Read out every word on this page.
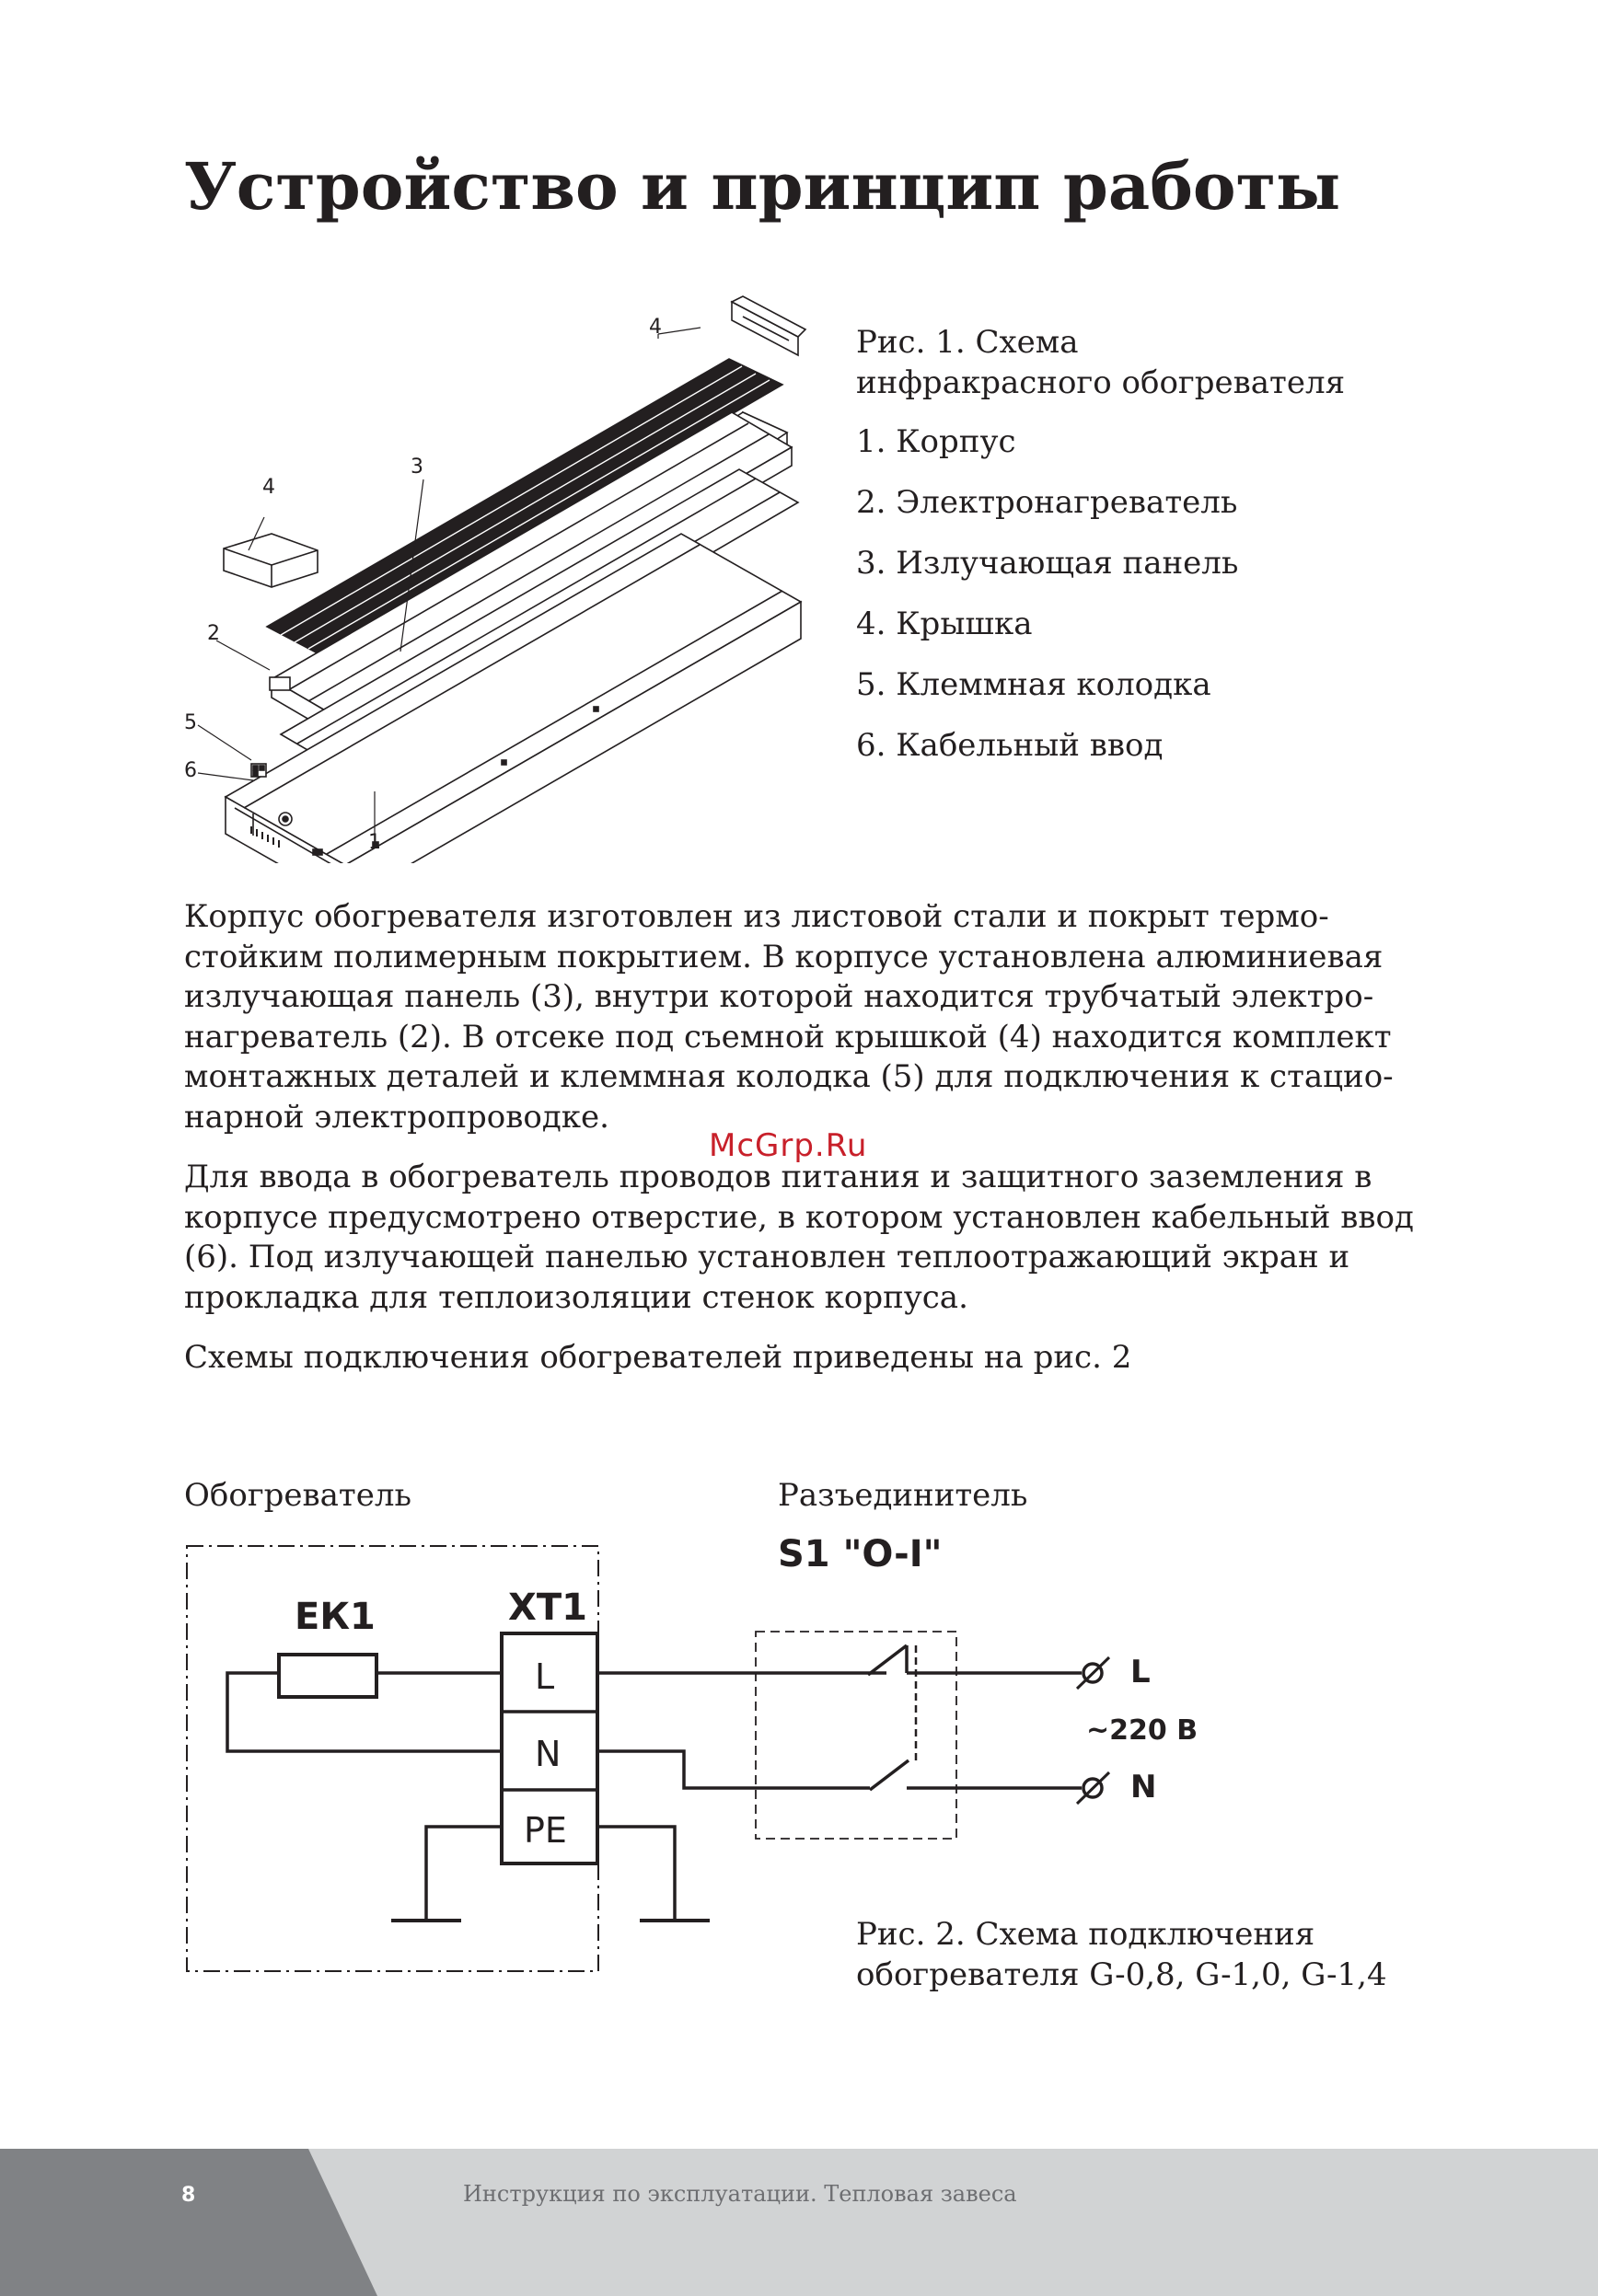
Устройство и принцип работы
4
4
3
2
5
6
1
Рис. 1. Схема
инфракрасного обогревателя
1. Корпус
2. Электронагреватель
3. Излучающая панель
4. Крышка
5. Клеммная колодка
6. Кабельный ввод

Корпус обогревателя изготовлен из листовой стали и покрыт термо-стойким полимерным покрытием. В корпусе установлена алюминиевая излучающая панель (3), внутри которой находится трубчатый электро-нагреватель (2). В отсеке под съемной крышкой (4) находится комплект монтажных деталей и клеммная колодка (5) для подключения к стацио-нарной электропроводке.

Для ввода в обогреватель проводов питания и защитного заземления в корпусе предусмотрено отверстие, в котором установлен кабельный ввод (6). Под излучающей панелью установлен теплоотражающий экран и прокладка для теплоизоляции стенок корпуса.

Схемы подключения обогревателей приведены на рис. 2

McGrp.Ru
Обогреватель	Разъединитель
ЕК1	ХТ1
S1 "O-I"
L
N
~220 В
L
N
PE
Рис. 2. Схема подключения
обогревателя G-0,8, G-1,0, G-1,4
8	Инструкция по эксплуатации. Тепловая завеса
